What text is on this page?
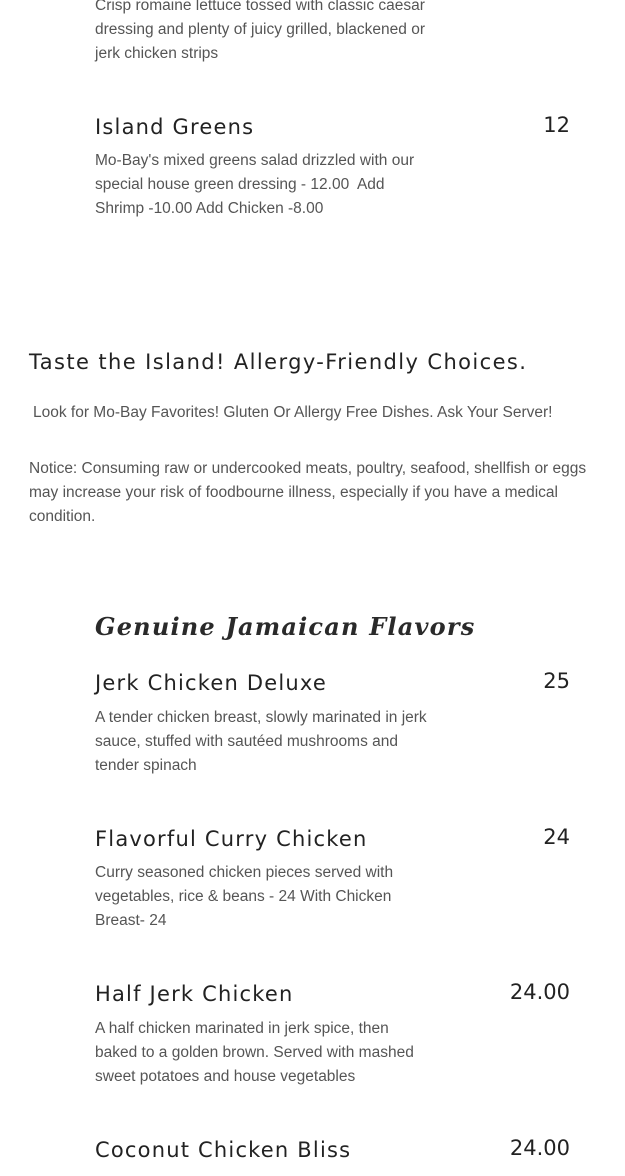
Crisp romaine lettuce tossed with classic caesar dressing and plenty of juicy grilled, blackened or jerk chicken strips
Island Greens	12
Mo-Bay's mixed greens salad drizzled with our special house green dressing - 12.00  Add Shrimp -10.00 Add Chicken -8.00
Taste the Island! Allergy-Friendly Choices.
Look for Mo-Bay Favorites! Gluten Or Allergy Free Dishes. Ask Your Server!
Notice: Consuming raw or undercooked meats, poultry, seafood, shellfish or eggs may increase your risk of foodbourne illness, especially if you have a medical condition.
Genuine Jamaican Flavors
Jerk Chicken Deluxe	25
A tender chicken breast, slowly marinated in jerk sauce, stuffed with sautéed mushrooms and tender spinach
Flavorful Curry Chicken	24
Curry seasoned chicken pieces served with vegetables, rice & beans - 24 With Chicken Breast- 24
Half Jerk Chicken	24.00
A half chicken marinated in jerk spice, then baked to a golden brown. Served with mashed sweet potatoes and house vegetables
Coconut Chicken Bliss	24.00
